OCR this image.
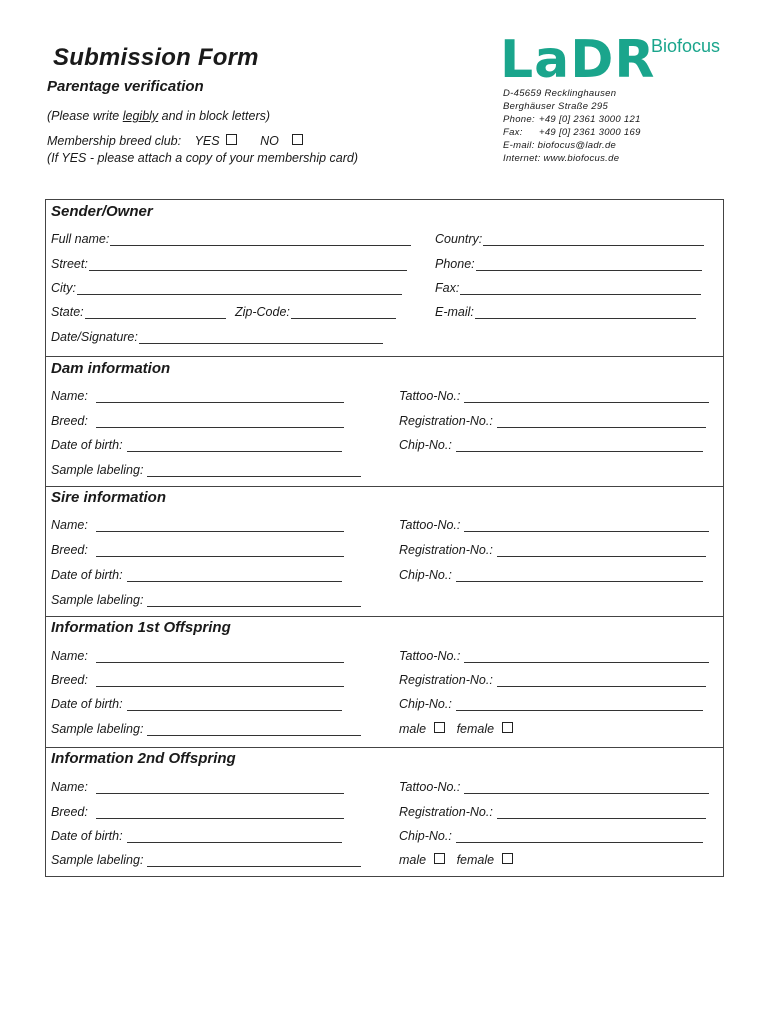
Submission Form
Parentage verification
(Please write legibly and in block letters)
Membership breed club: YES	NO
(If YES - please attach a copy of your membership card)
LaDR
Biofocus
D-45659 Recklinghausen
Berghäuser Straße 295
Phone: +49 [0] 2361 3000 121
Fax: +49 [0] 2361 3000 169
E-mail: biofocus@ladr.de
Internet: www.biofocus.de
Sender/Owner
Full name:	Country:
Street:	Phone:
City:	Fax:
State:	Zip-Code:	E-mail:
Date/Signature:
Dam information
Name:	Tattoo-No.:
Breed:	Registration-No.:
Date of birth:	Chip-No.:
Sample labeling:
Sire information
Name:	Tattoo-No.:
Breed:	Registration-No.:
Date of birth:	Chip-No.:
Sample labeling:
Information 1st Offspring
Name:	Tattoo-No.:
Breed:	Registration-No.:
Date of birth:	Chip-No.:
Sample labeling:	male female
Information 2nd Offspring
Name:	Tattoo-No.:
Breed:	Registration-No.:
Date of birth:	Chip-No.:
Sample labeling:	male female
